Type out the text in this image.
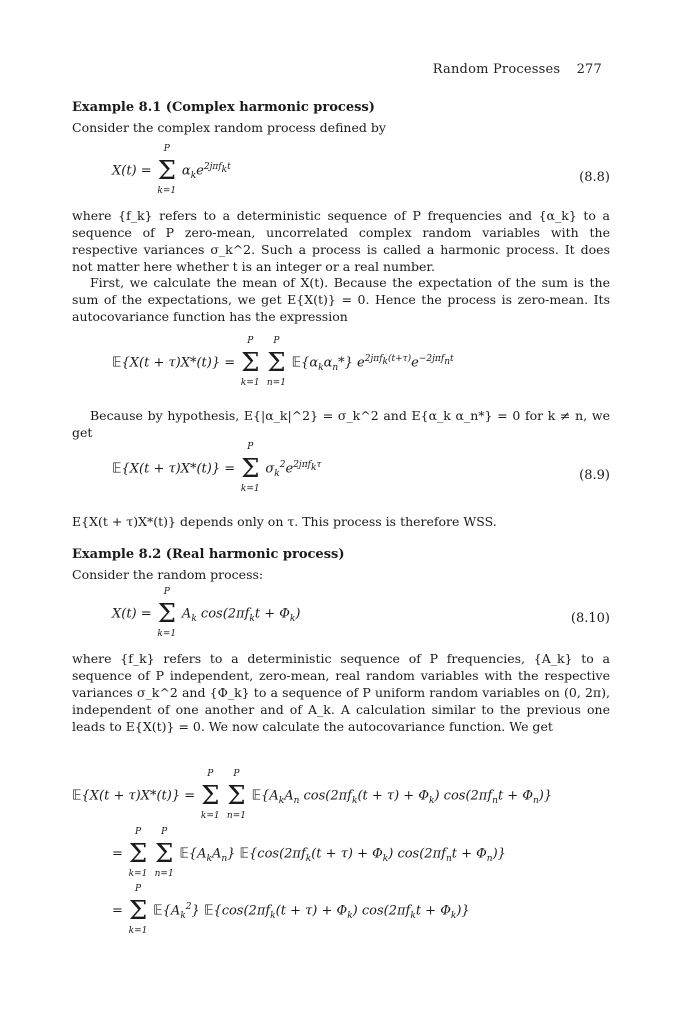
Random Processes 277
Example 8.1 (Complex harmonic process)
Consider the complex random process defined by
X(t) =
P
Σ
k=1
$\alpha_ke^{2j\pi f_kt}$
(8.8)
where {f_k} refers to a deterministic sequence of P frequencies and {α_k} to a sequence of P zero-mean, uncorrelated complex random variables with the respective variances σ_k^2. Such a process is called a harmonic process. It does not matter here whether t is an integer or a real number.
First, we calculate the mean of X(t). Because the expectation of the sum is the sum of the expectations, we get E{X(t)} = 0. Hence the process is zero-mean. Its autocovariance function has the expression
𝔼{X(t + τ)X*(t)} =
P
Σ
k=1

P
Σ
n=1
$𝔼\{\alpha_k\alpha_n*\}$ $e^{2j\pi f_k(t+\tau)}e^{-2j\pi f_nt}$
Because by hypothesis, E{|α_k|^2} = σ_k^2 and E{α_k α_n*} = 0 for k ≠ n, we get
𝔼{X(t + τ)X*(t)} =
P
Σ
k=1
$\sigma_k^2e^{2j\pi f_k\tau}$
(8.9)
E{X(t + τ)X*(t)} depends only on τ. This process is therefore WSS.
Example 8.2 (Real harmonic process)
Consider the random process:
X(t) =
P
Σ
k=1
$A_k$ $\cos(2\pi f_kt + \Phi_k)$	(8.10)
where {f_k} refers to a deterministic sequence of P frequencies, {A_k} to a sequence of P independent, zero-mean, real random variables with the respective variances σ_k^2 and {Φ_k} to a sequence of P uniform random variables on (0, 2π), independent of one another and of A_k. A calculation similar to the previous one leads to E{X(t)} = 0. We now calculate the autocovariance function. We get
𝔼{X(t + τ)X*(t)} =
P
Σ
k=1

P
Σ
n=1
$𝔼\{A_kA_n$ $\cos(2\pi f_k(t + \tau) + \Phi_k) \cos(2\pi f_nt + \Phi_n)$}
=
P
Σ
k=1

P
Σ
n=1
$𝔼\{A_kA_n\}$ $𝔼\{\cos(2\pi f_k(t + \tau) + \Phi_k) \cos(2\pi f_nt + \Phi_n)\}$
=
P
Σ
k=1
$𝔼\{A_k^2\}$ $𝔼\{\cos(2\pi f_k(t + \tau) + \Phi_k) \cos(2\pi f_kt + \Phi_k)\}$
